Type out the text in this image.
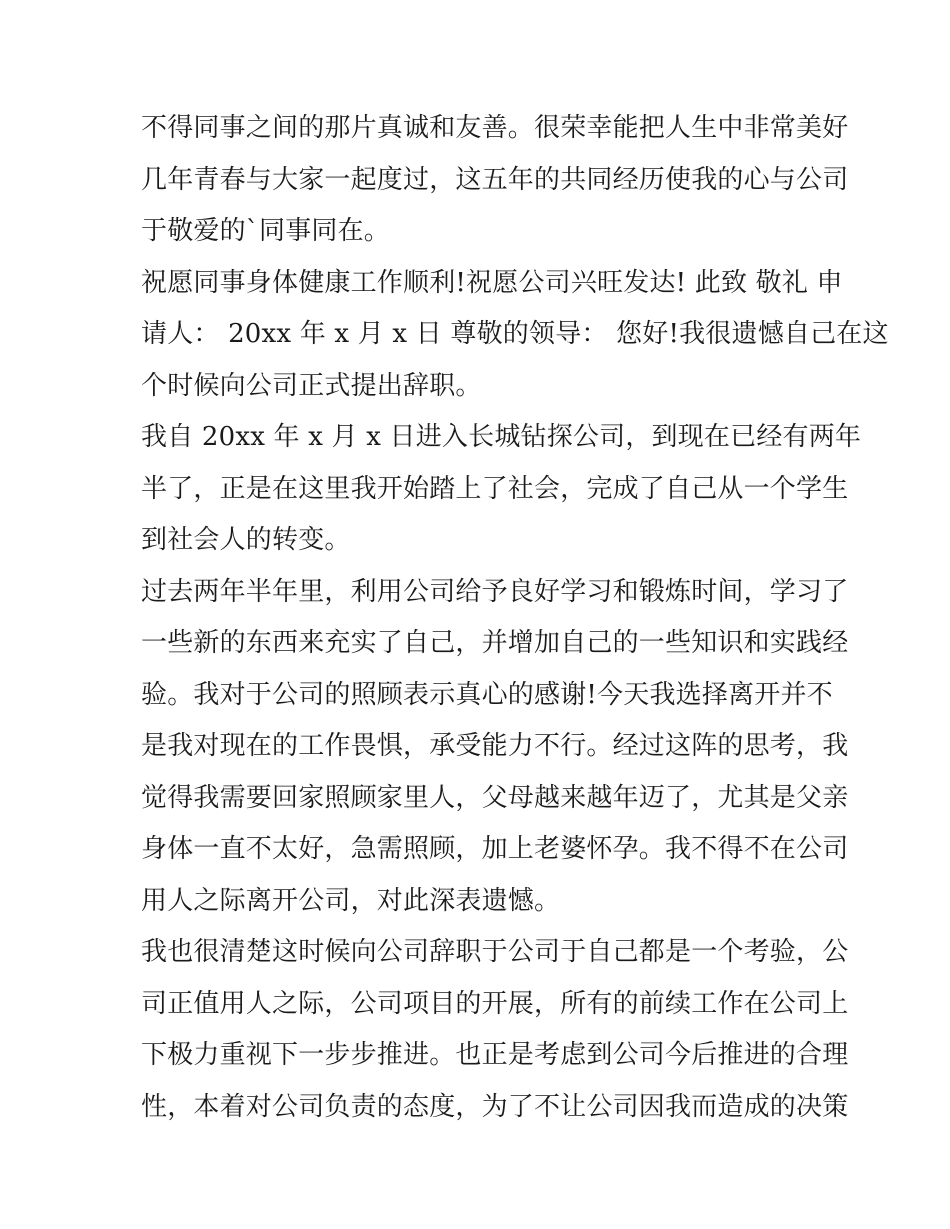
不得同事之间的那片真诚和友善。很荣幸能把人生中非常美好
几年青春与大家一起度过，这五年的共同经历使我的心与公司
于敬爱的`同事同在。
祝愿同事身体健康工作顺利!祝愿公司兴旺发达! 此致 敬礼 申
请人： 20xx 年 x 月 x 日 尊敬的领导： 您好!我很遗憾自己在这
个时候向公司正式提出辞职。
我自 20xx 年 x 月 x 日进入长城钻探公司，到现在已经有两年
半了，正是在这里我开始踏上了社会，完成了自己从一个学生
到社会人的转变。
过去两年半年里，利用公司给予良好学习和锻炼时间，学习了
一些新的东西来充实了自己，并增加自己的一些知识和实践经
验。我对于公司的照顾表示真心的感谢!今天我选择离开并不
是我对现在的工作畏惧，承受能力不行。经过这阵的思考，我
觉得我需要回家照顾家里人，父母越来越年迈了，尤其是父亲
身体一直不太好，急需照顾，加上老婆怀孕。我不得不在公司
用人之际离开公司，对此深表遗憾。
我也很清楚这时候向公司辞职于公司于自己都是一个考验，公
司正值用人之际，公司项目的开展，所有的前续工作在公司上
下极力重视下一步步推进。也正是考虑到公司今后推进的合理
性，本着对公司负责的态度，为了不让公司因我而造成的决策
